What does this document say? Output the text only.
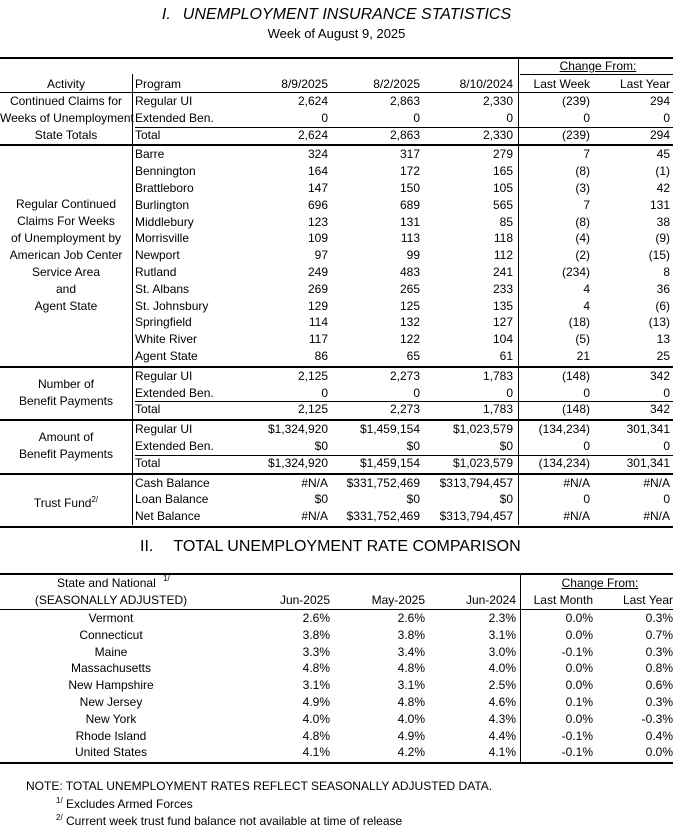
I. UNEMPLOYMENT INSURANCE STATISTICS
Week of August 9, 2025
Change From:
Activity	Program	8/9/2025	8/2/2025	8/10/2024	Last Week	Last Year
Regular UI	2,624	2,863	2,330	(239)	294
Extended Ben.	0	0	0	0	0
Total	2,624	2,863	2,330	(239)	294
Continued Claims for
Weeks of Unemployment
State Totals
Barre	324	317	279	7	45
Bennington	164	172	165	(8)	(1)
Brattleboro	147	150	105	(3)	42
Burlington	696	689	565	7	131
Middlebury	123	131	85	(8)	38
Morrisville	109	113	118	(4)	(9)
Newport	97	99	112	(2)	(15)
Rutland	249	483	241	(234)	8
St. Albans	269	265	233	4	36
St. Johnsbury	129	125	135	4	(6)
Springfield	114	132	127	(18)	(13)
White River	117	122	104	(5)	13
Agent State	86	65	61	21	25
Regular Continued
Claims For Weeks
of Unemployment by
American Job Center
Service Area
and
Agent State
Regular UI	2,125	2,273	1,783	(148)	342
Extended Ben.	0	0	0	0	0
Total	2,125	2,273	1,783	(148)	342
Number of
Benefit Payments
Regular UI	$1,324,920	$1,459,154	$1,023,579	(134,234)	301,341
Extended Ben.	$0	$0	$0	0	0
Total	$1,324,920	$1,459,154	$1,023,579	(134,234)	301,341
Amount of
Benefit Payments
Cash Balance	#N/A	$331,752,469	$313,794,457	#N/A	#N/A
Loan Balance	$0	$0	$0	0	0
Net Balance	#N/A	$331,752,469	$313,794,457	#N/A	#N/A
Trust Fund$^{2/}$
II. TOTAL UNEMPLOYMENT RATE COMPARISON
State and National 1/
(SEASONALLY ADJUSTED)
Change From:
Jun-2025	May-2025	Jun-2024	Last Month	Last Year
Vermont	2.6%	2.6%	2.3%	0.0%	0.3%
Connecticut	3.8%	3.8%	3.1%	0.0%	0.7%
Maine	3.3%	3.4%	3.0%	-0.1%	0.3%
Massachusetts	4.8%	4.8%	4.0%	0.0%	0.8%
New Hampshire	3.1%	3.1%	2.5%	0.0%	0.6%
New Jersey	4.9%	4.8%	4.6%	0.1%	0.3%
New York	4.0%	4.0%	4.3%	0.0%	-0.3%
Rhode Island	4.8%	4.9%	4.4%	-0.1%	0.4%
United States	4.1%	4.2%	4.1%	-0.1%	0.0%
NOTE: TOTAL UNEMPLOYMENT RATES REFLECT SEASONALLY ADJUSTED DATA.
$^{1/}$ Excludes Armed Forces
$^{2/}$ Current week trust fund balance not available at time of release
